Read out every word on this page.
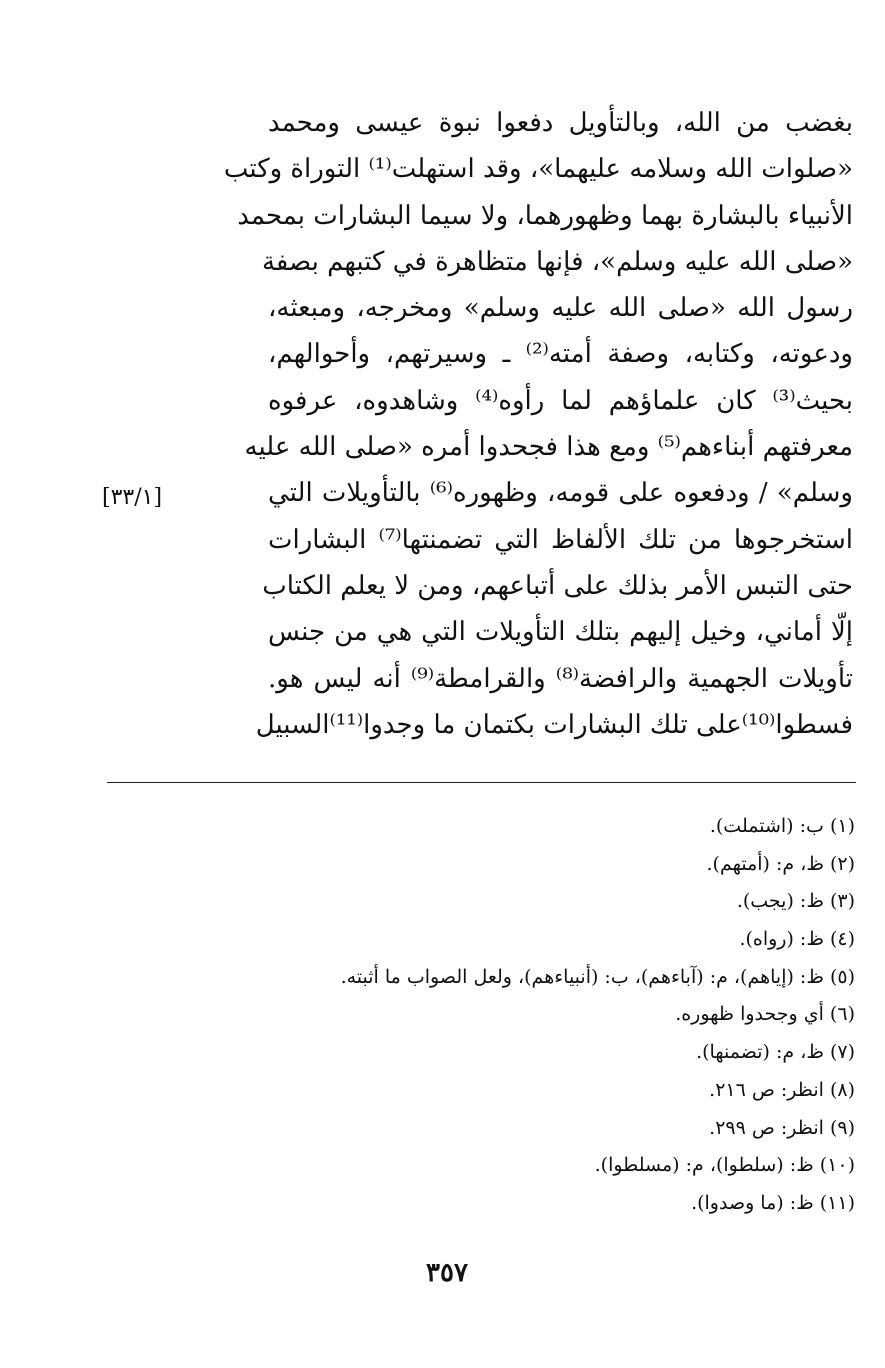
بغضب من الله، وبالتأويل دفعوا نبوة عيسى ومحمد
«صلوات الله وسلامه عليهما»، وقد استهلت⁽¹⁾ التوراة وكتب
الأنبياء بالبشارة بهما وظهورهما، ولا سيما البشارات بمحمد
«صلى الله عليه وسلم»، فإنها متظاهرة في كتبهم بصفة
رسول الله «صلى الله عليه وسلم» ومخرجه، ومبعثه،
ودعوته، وكتابه، وصفة أمته⁽²⁾ ـ وسيرتهم، وأحوالهم،
بحيث⁽³⁾ كان علماؤهم لما رأوه⁽⁴⁾ وشاهدوه، عرفوه
معرفتهم أبناءهم⁽⁵⁾ ومع هذا فجحدوا أمره «صلى الله عليه
وسلم» / ودفعوه على قومه، وظهوره⁽⁶⁾ بالتأويلات التي
استخرجوها من تلك الألفاظ التي تضمنتها⁽⁷⁾ البشارات
حتى التبس الأمر بذلك على أتباعهم، ومن لا يعلم الكتاب
إلّا أماني، وخيل إليهم بتلك التأويلات التي هي من جنس
تأويلات الجهمية والرافضة⁽⁸⁾ والقرامطة⁽⁹⁾ أنه ليس هو.
فسطوا⁽¹⁰⁾على تلك البشارات بكتمان ما وجدوا⁽¹¹⁾السبيل
[٣٣/١]
(١) ب: (اشتملت).
(٢) ظ، م: (أمتهم).
(٣) ظ: (يجب).
(٤) ظ: (رواه).
(٥) ظ: (إياهم)، م: (آباءهم)، ب: (أنبياءهم)، ولعل الصواب ما أثبته.
(٦) أي وجحدوا ظهوره.
(٧) ظ، م: (تضمنها).
(٨) انظر: ص ٢١٦.
(٩) انظر: ص ٢٩٩.
(١٠) ظ: (سلطوا)، م: (مسلطوا).
(١١) ظ: (ما وصدوا).
٣٥٧
